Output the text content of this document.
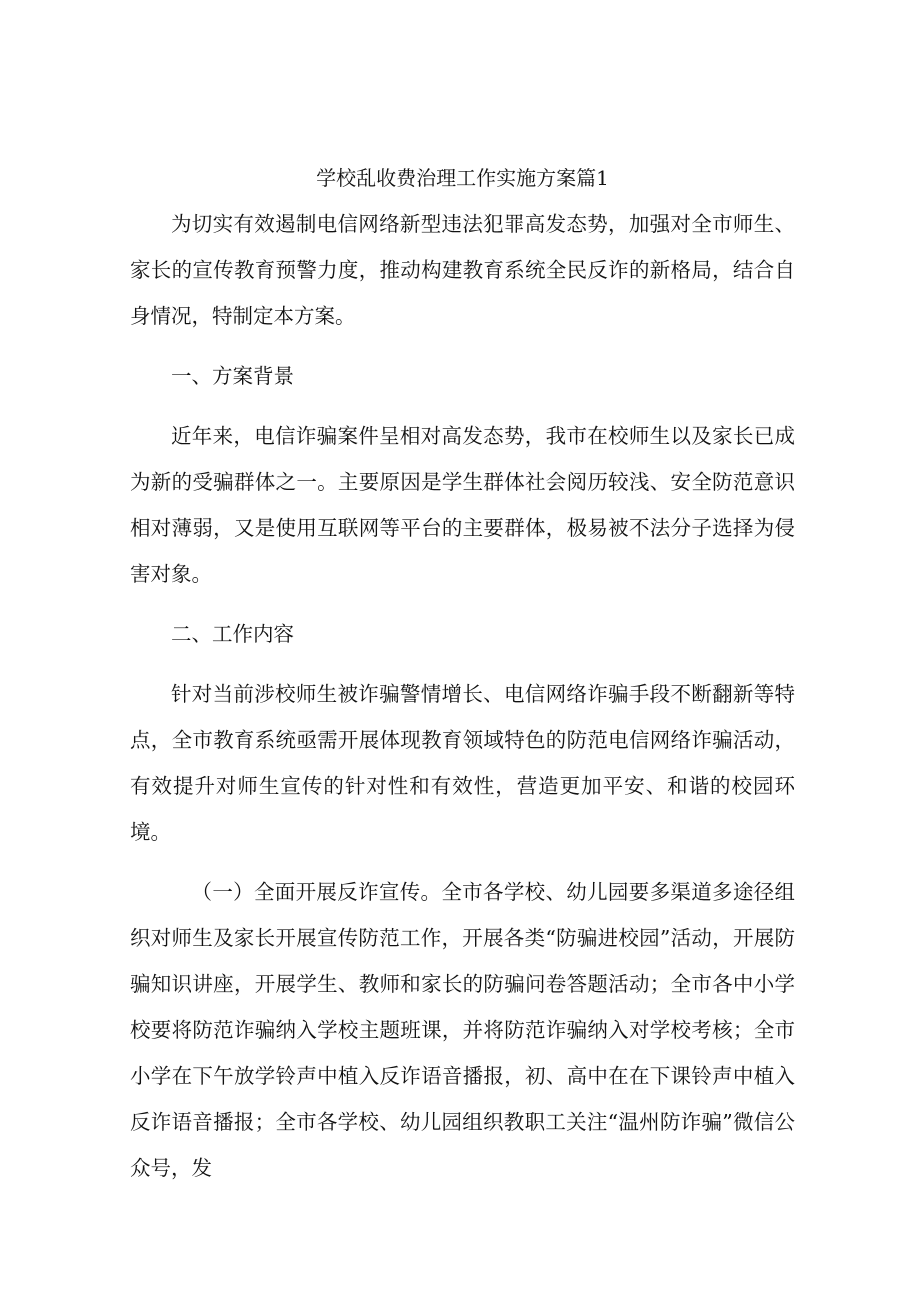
学校乱收费治理工作实施方案篇1

为切实有效遏制电信网络新型违法犯罪高发态势，加强对全市师生、家长的宣传教育预警力度，推动构建教育系统全民反诈的新格局，结合自身情况，特制定本方案。

一、方案背景

近年来，电信诈骗案件呈相对高发态势，我市在校师生以及家长已成为新的受骗群体之一。主要原因是学生群体社会阅历较浅、安全防范意识相对薄弱，又是使用互联网等平台的主要群体，极易被不法分子选择为侵害对象。

二、工作内容

针对当前涉校师生被诈骗警情增长、电信网络诈骗手段不断翻新等特点，全市教育系统亟需开展体现教育领域特色的防范电信网络诈骗活动，有效提升对师生宣传的针对性和有效性，营造更加平安、和谐的校园环境。

（一）全面开展反诈宣传。全市各学校、幼儿园要多渠道多途径组织对师生及家长开展宣传防范工作，开展各类“防骗进校园”活动，开展防骗知识讲座，开展学生、教师和家长的防骗问卷答题活动；全市各中小学校要将防范诈骗纳入学校主题班课，并将防范诈骗纳入对学校考核；全市小学在下午放学铃声中植入反诈语音播报，初、高中在在下课铃声中植入反诈语音播报；全市各学校、幼儿园组织教职工关注“温州防诈骗”微信公众号，发
